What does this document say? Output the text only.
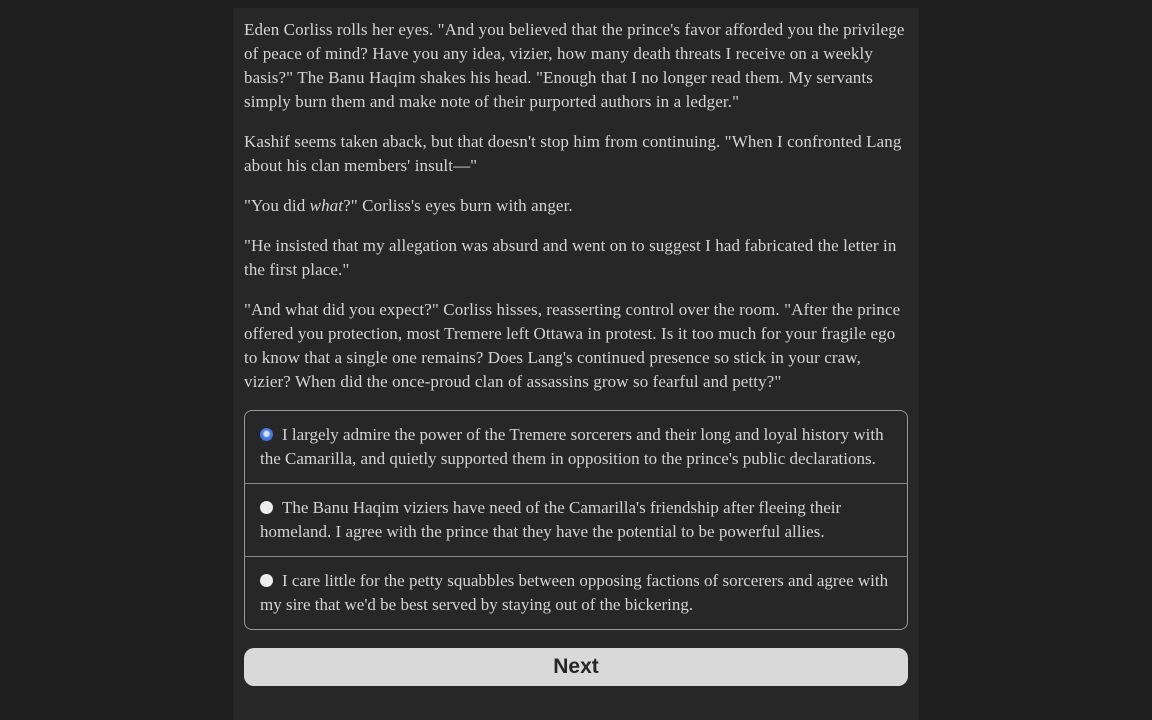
Eden Corliss rolls her eyes. "And you believed that the prince's favor afforded you the privilege of peace of mind? Have you any idea, vizier, how many death threats I receive on a weekly basis?" The Banu Haqim shakes his head. "Enough that I no longer read them. My servants simply burn them and make note of their purported authors in a ledger."

Kashif seems taken aback, but that doesn't stop him from continuing. "When I confronted Lang about his clan members' insult—"

"You did what?" Corliss's eyes burn with anger.

"He insisted that my allegation was absurd and went on to suggest I had fabricated the letter in the first place."

"And what did you expect?" Corliss hisses, reasserting control over the room. "After the prince offered you protection, most Tremere left Ottawa in protest. Is it too much for your fragile ego to know that a single one remains? Does Lang's continued presence so stick in your craw, vizier? When did the once-proud clan of assassins grow so fearful and petty?"

I largely admire the power of the Tremere sorcerers and their long and loyal history with the Camarilla, and quietly supported them in opposition to the prince's public declarations.
The Banu Haqim viziers have need of the Camarilla's friendship after fleeing their homeland. I agree with the prince that they have the potential to be powerful allies.
I care little for the petty squabbles between opposing factions of sorcerers and agree with my sire that we'd be best served by staying out of the bickering.
Next
